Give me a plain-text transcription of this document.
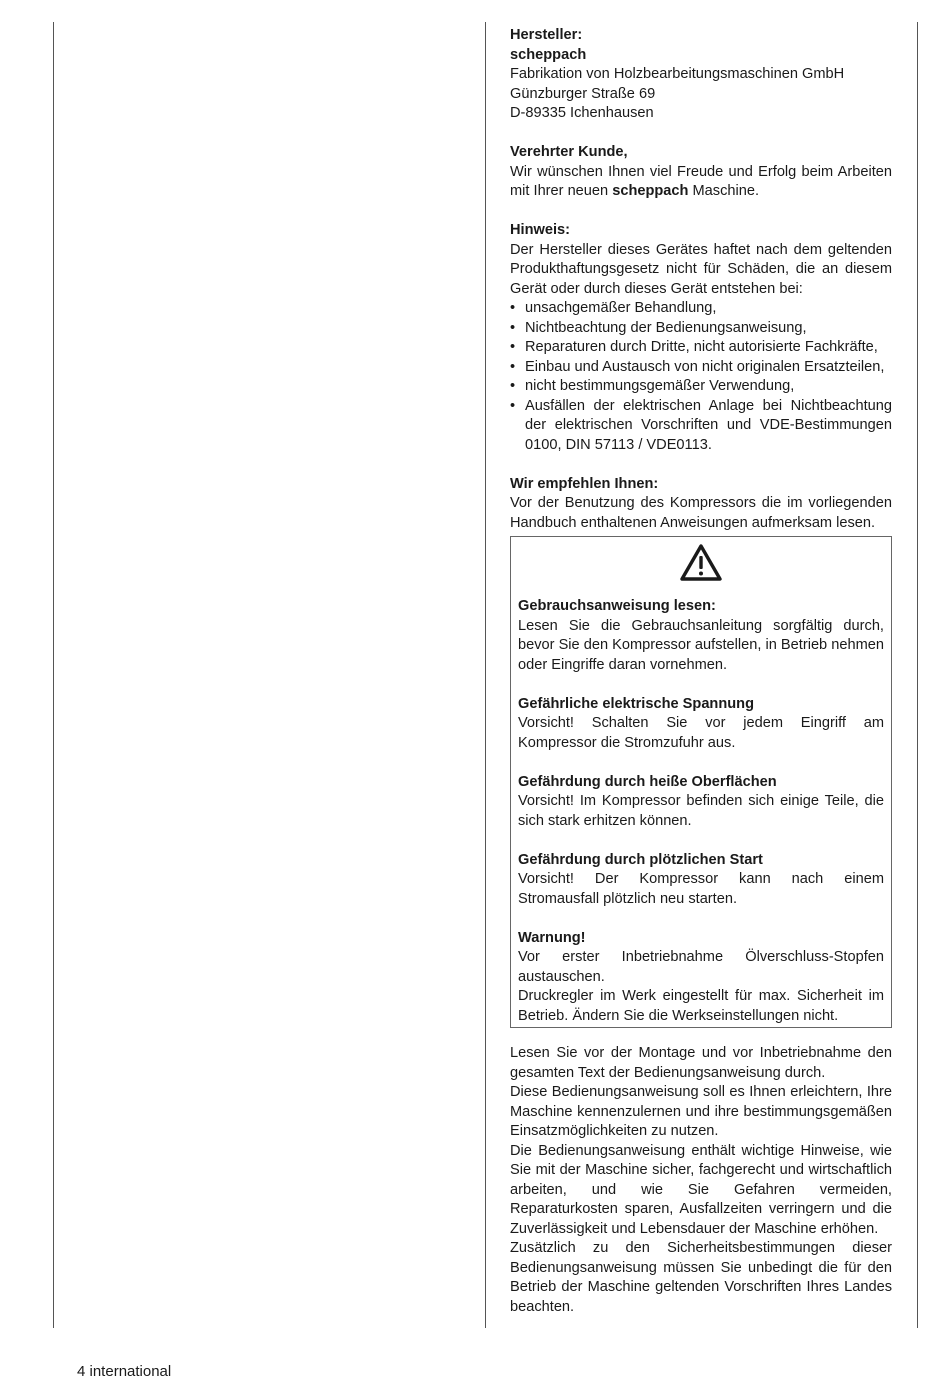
Hersteller:

scheppach

Fabrikation von Holzbearbeitungsmaschinen GmbH

Günzburger Straße 69

D-89335 Ichenhausen

Verehrter Kunde,

Wir wünschen Ihnen viel Freude und Erfolg beim Arbeiten mit Ihrer neuen scheppach Maschine.

Hinweis:

Der Hersteller dieses Gerätes haftet nach dem geltenden Produkthaftungsgesetz nicht für Schäden, die an diesem Gerät oder durch dieses Gerät entstehen bei:

• unsachgemäßer Behandlung,
• Nichtbeachtung der Bedienungsanweisung,
• Reparaturen durch Dritte, nicht autorisierte Fachkräfte,
• Einbau und Austausch von nicht originalen Ersatzteilen,
• nicht bestimmungsgemäßer Verwendung,
• Ausfällen der elektrischen Anlage bei Nichtbeachtung der elektrischen Vorschriften und VDE-Bestimmungen 0100, DIN 57113 / VDE0113.

Wir empfehlen Ihnen:

Vor der Benutzung des Kompressors die im vorliegenden Handbuch enthaltenen Anweisungen aufmerksam lesen.

Gebrauchsanweisung lesen:

Lesen Sie die Gebrauchsanleitung sorgfältig durch, bevor Sie den Kompressor aufstellen, in Betrieb nehmen oder Eingriffe daran vornehmen.

Gefährliche elektrische Spannung

Vorsicht! Schalten Sie vor jedem Eingriff am Kompressor die Stromzufuhr aus.

Gefährdung durch heiße Oberflächen

Vorsicht! Im Kompressor befinden sich einige Teile, die sich stark erhitzen können.

Gefährdung durch plötzlichen Start

Vorsicht! Der Kompressor kann nach einem Stromausfall plötzlich neu starten.

Warnung!

Vor erster Inbetriebnahme Ölverschluss-Stopfen austauschen.

Druckregler im Werk eingestellt für max. Sicherheit im Betrieb. Ändern Sie die Werkseinstellungen nicht.

Lesen Sie vor der Montage und vor Inbetriebnahme den gesamten Text der Bedienungsanweisung durch.

Diese Bedienungsanweisung soll es Ihnen erleichtern, Ihre Maschine kennenzulernen und ihre bestimmungsgemäßen Einsatzmöglichkeiten zu nutzen.

Die Bedienungsanweisung enthält wichtige Hinweise, wie Sie mit der Maschine sicher, fachgerecht und wirtschaftlich arbeiten, und wie Sie Gefahren vermeiden, Reparaturkosten sparen, Ausfallzeiten verringern und die Zuverlässigkeit und Lebensdauer der Maschine erhöhen.

Zusätzlich zu den Sicherheitsbestimmungen dieser Bedienungsanweisung müssen Sie unbedingt die für den Betrieb der Maschine geltenden Vorschriften Ihres Landes beachten.

4 international
